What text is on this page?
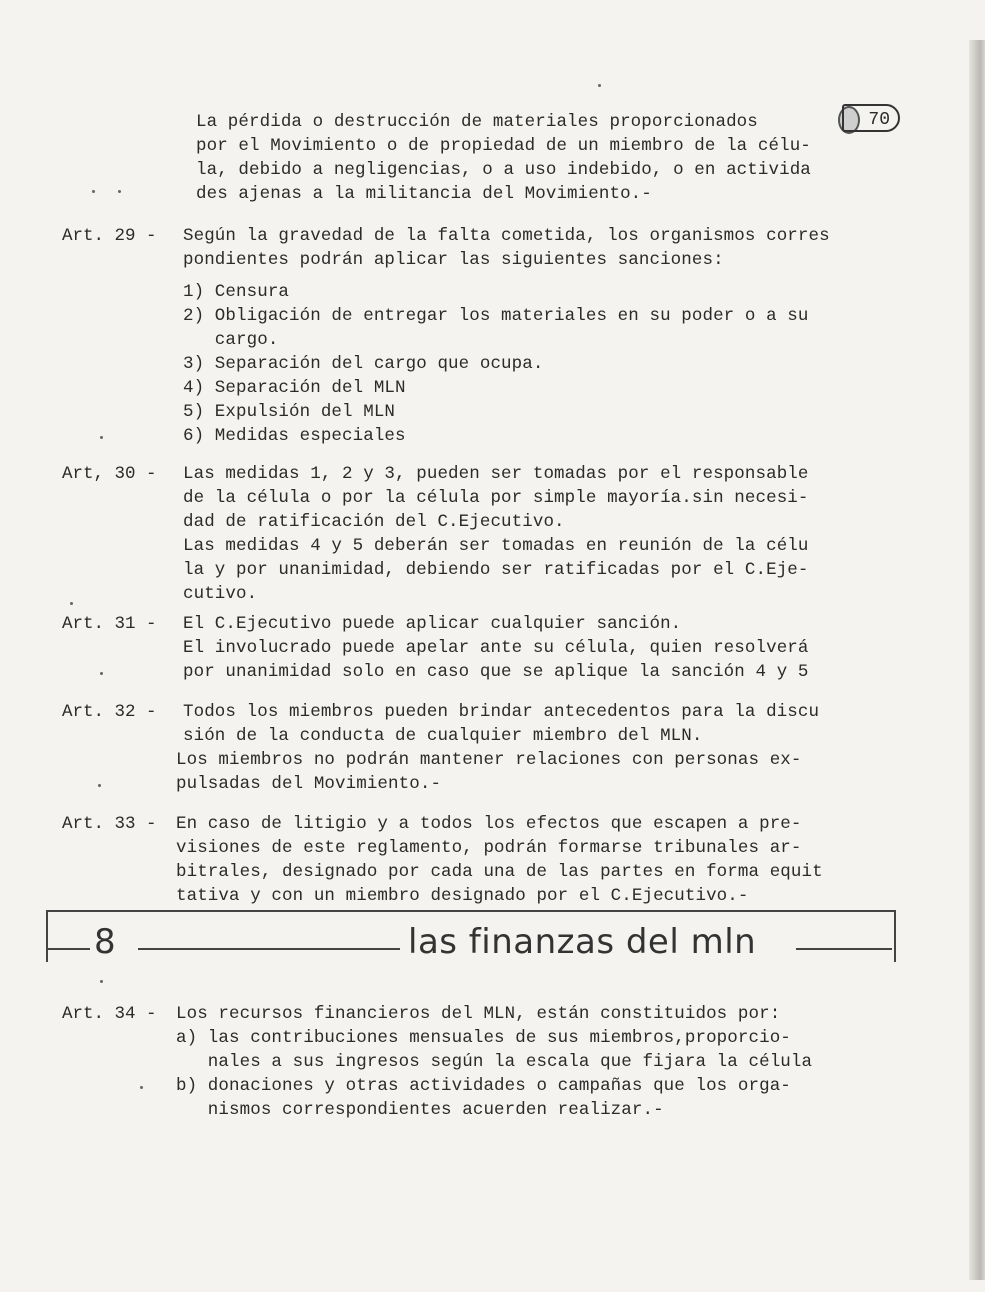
70
La pérdida o destrucción de materiales proporcionados
por el Movimiento o de propiedad de un miembro de la célu-
la, debido a negligencias, o a uso indebido, o en activida
des ajenas a la militancia del Movimiento.-
Art. 29 - Según la gravedad de la falta cometida, los organismos corres
pondientes podrán aplicar las siguientes sanciones:
1) Censura
2) Obligación de entregar los materiales en su poder o a su
cargo.
3) Separación del cargo que ocupa.
4) Separación del MLN
5) Expulsión del MLN
6) Medidas especiales
Art, 30 - Las medidas 1, 2 y 3, pueden ser tomadas por el responsable
de la célula o por la célula por simple mayoría.sin necesi-
dad de ratificación del C.Ejecutivo.
Las medidas 4 y 5 deberán ser tomadas en reunión de la célu
la y por unanimidad, debiendo ser ratificadas por el C.Eje-
cutivo.
Art. 31 - El C.Ejecutivo puede aplicar cualquier sanción.
El involucrado puede apelar ante su célula, quien resolverá
por unanimidad solo en caso que se aplique la sanción 4 y 5
Art. 32 - Todos los miembros pueden brindar antecedentos para la discu
sión de la conducta de cualquier miembro del MLN.
Los miembros no podrán mantener relaciones con personas ex-
pulsadas del Movimiento.-
Art. 33 - En caso de litigio y a todos los efectos que escapen a pre-
visiones de este reglamento, podrán formarse tribunales ar-
bitrales, designado por cada una de las partes en forma equit
tativa y con un miembro designado por el C.Ejecutivo.-
8	las finanzas del mln
Art. 34 - Los recursos financieros del MLN, están constituidos por:
a) las contribuciones mensuales de sus miembros,proporcio-
nales a sus ingresos según la escala que fijara la célula
b) donaciones y otras actividades o campañas que los orga-
nismos correspondientes acuerden realizar.-
